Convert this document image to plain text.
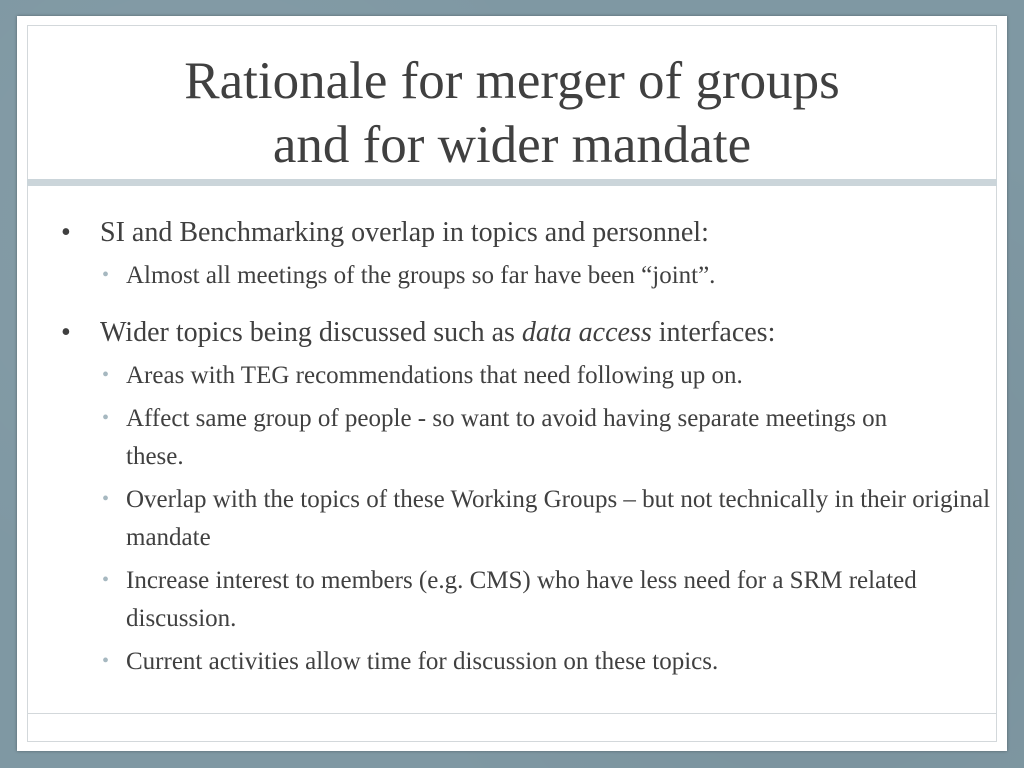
Rationale for merger of groups
and for wider mandate

• SI and Benchmarking overlap in topics and personnel:

• Almost all meetings of the groups so far have been “joint”.

• Wider topics being discussed such as data access interfaces:

• Areas with TEG recommendations that need following up on.

• Affect same group of people - so want to avoid having separate meetings on these.

• Overlap with the topics of these Working Groups – but not technically in their original mandate

• Increase interest to members (e.g. CMS) who have less need for a SRM related discussion.

• Current activities allow time for discussion on these topics.
